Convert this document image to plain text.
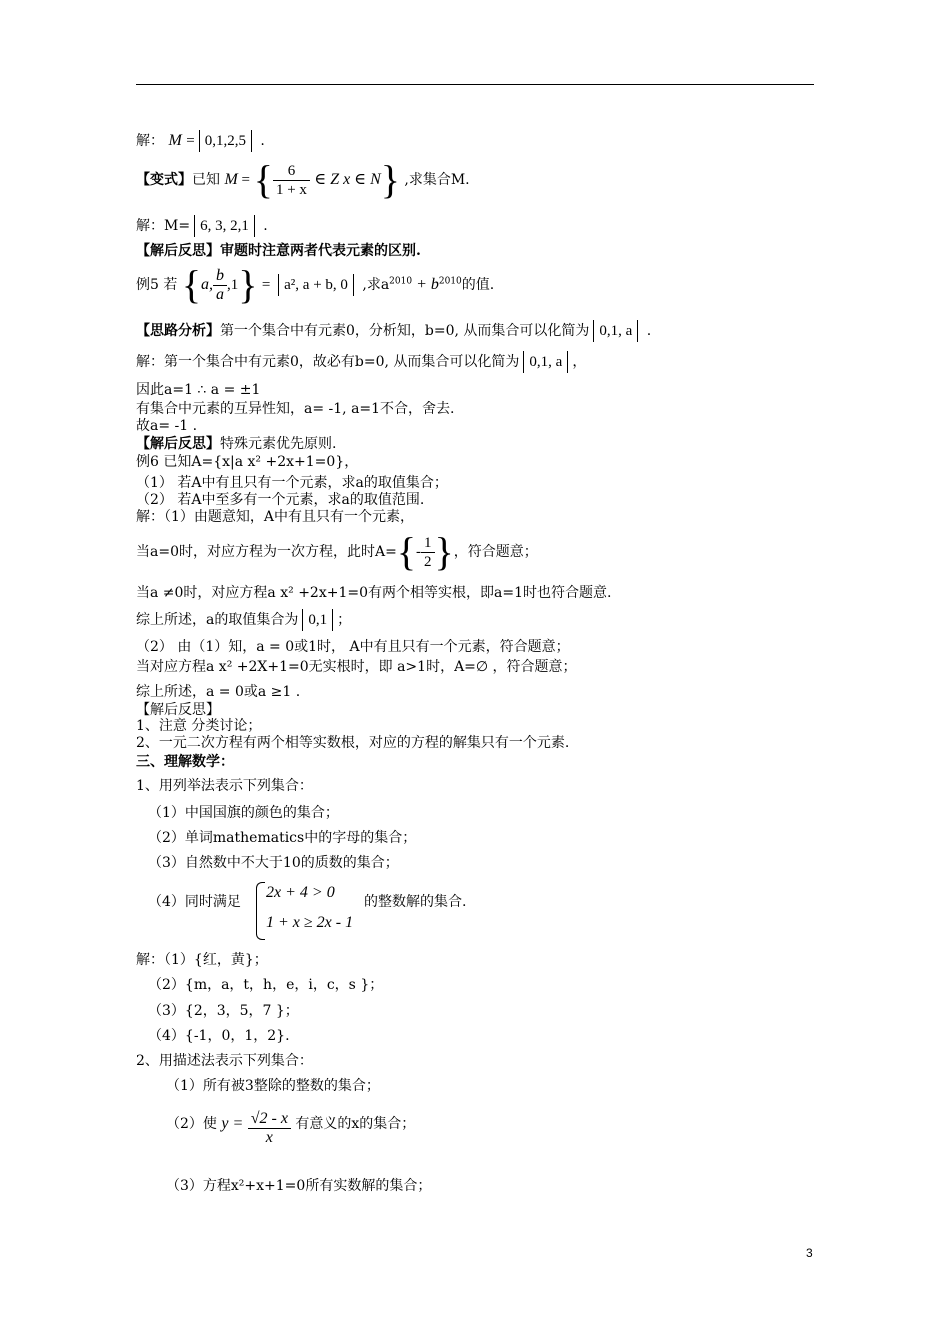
解： M = 0,1,2,5 .
【变式】已知 M = { $\frac{6}{1 + x}$ ∈ Z x ∈ N} ,求集合M.
解：M= 6, 3, 2,1 .
【解后反思】审题时注意两者代表元素的区别.
例5 若 {a, $\frac{b}{a} ,1\} = a^2$, a + b, 0 ,求$a^{2010} + b^{2010}$的值.
【思路分析】第一个集合中有元素0，分析知，b=0, 从而集合可以化简为 0,1, a .
解：第一个集合中有元素0，故必有b=0, 从而集合可以化简为 0,1, a ，
因此a=1 ∴ a = ±1
有集合中元素的互异性知，a= -1, a=1不合，舍去.
故a= -1 .
【解后反思】特殊元素优先原则.
例6 已知A={x|a x² +2x+1=0}，
（1） 若A中有且只有一个元素，求a的取值集合；
（2） 若A中至多有一个元素，求a的取值范围.
解：（1）由题意知，A中有且只有一个元素，
当a=0时，对应方程为一次方程，此时$A=\{- \frac{1}{2}$ }，符合题意；
当a ≠0时，对应方程a x² +2x+1=0有两个相等实根，即a=1时也符合题意.
综上所述，a的取值集合为 0,1 ；
（2） 由（1）知，a = 0或1时， A中有且只有一个元素，符合题意；
当对应方程a x² +2X+1=0无实根时，即 a>1时，A=∅ ，符合题意；
综上所述，a = 0或a ≥1 .
【解后反思】
1、注意 分类讨论；
2、一元二次方程有两个相等实数根，对应的方程的解集只有一个元素.
三、理解数学：
1、用列举法表示下列集合：
（1）中国国旗的颜色的集合；
（2）单词mathematics中的字母的集合；
（3）自然数中不大于10的质数的集合；
（4）同时满足
2x + 4 > 0
1 + x ≥ 2x - 1
的整数解的集合.
解：（1）{红，黄}；
（2）{m，a，t，h，e，i，c，s }；
（3）{2，3，5，7 }；
（4）{-1，0，1，2}.
2、用描述法表示下列集合：
（1）所有被3整除的整数的集合；
（2）使 $y = \frac{√2 - x}{x}$ 有意义的x的集合；
（3）方程x²+x+1=0所有实数解的集合；
3
